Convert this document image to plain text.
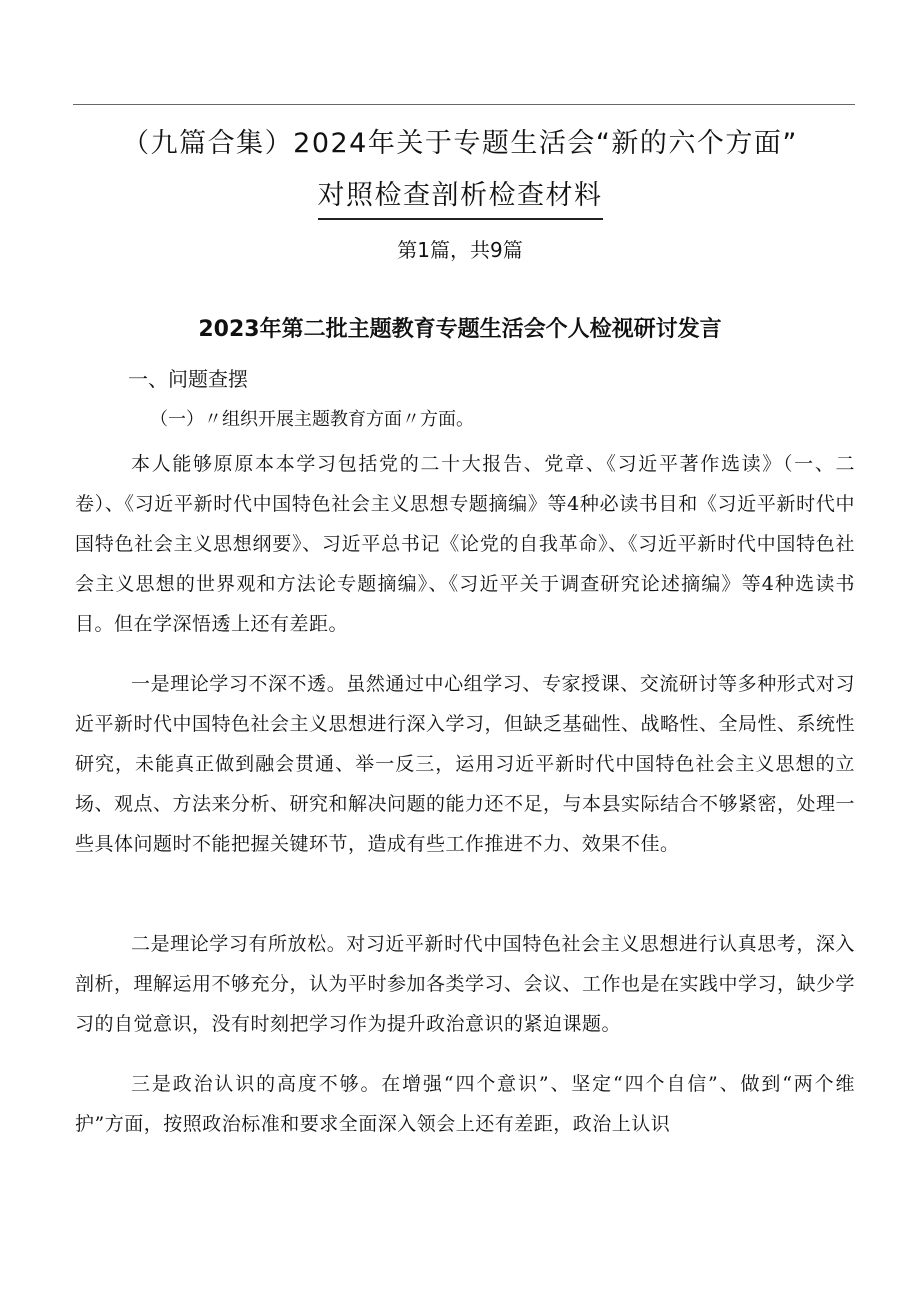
（九篇合集）2024年关于专题生活会“新的六个方面”
对照检查剖析检查材料
第1篇，共9篇
2023年第二批主题教育专题生活会个人检视研讨发言
一、问题查摆
（一）〃组织开展主题教育方面〃方面。

本人能够原原本本学习包括党的二十大报告、党章、《习近平著作选读》（一、二卷）、《习近平新时代中国特色社会主义思想专题摘编》等4种必读书目和《习近平新时代中国特色社会主义思想纲要》、习近平总书记《论党的自我革命》、《习近平新时代中国特色社会主义思想的世界观和方法论专题摘编》、《习近平关于调查研究论述摘编》等4种选读书目。但在学深悟透上还有差距。

一是理论学习不深不透。虽然通过中心组学习、专家授课、交流研讨等多种形式对习近平新时代中国特色社会主义思想进行深入学习，但缺乏基础性、战略性、全局性、系统性研究，未能真正做到融会贯通、举一反三，运用习近平新时代中国特色社会主义思想的立场、观点、方法来分析、研究和解决问题的能力还不足，与本县实际结合不够紧密，处理一些具体问题时不能把握关键环节，造成有些工作推进不力、效果不佳。

二是理论学习有所放松。对习近平新时代中国特色社会主义思想进行认真思考，深入剖析，理解运用不够充分，认为平时参加各类学习、会议、工作也是在实践中学习，缺少学习的自觉意识，没有时刻把学习作为提升政治意识的紧迫课题。

三是政治认识的高度不够。在增强“四个意识”、坚定“四个自信”、做到“两个维护”方面，按照政治标准和要求全面深入领会上还有差距，政治上认识
